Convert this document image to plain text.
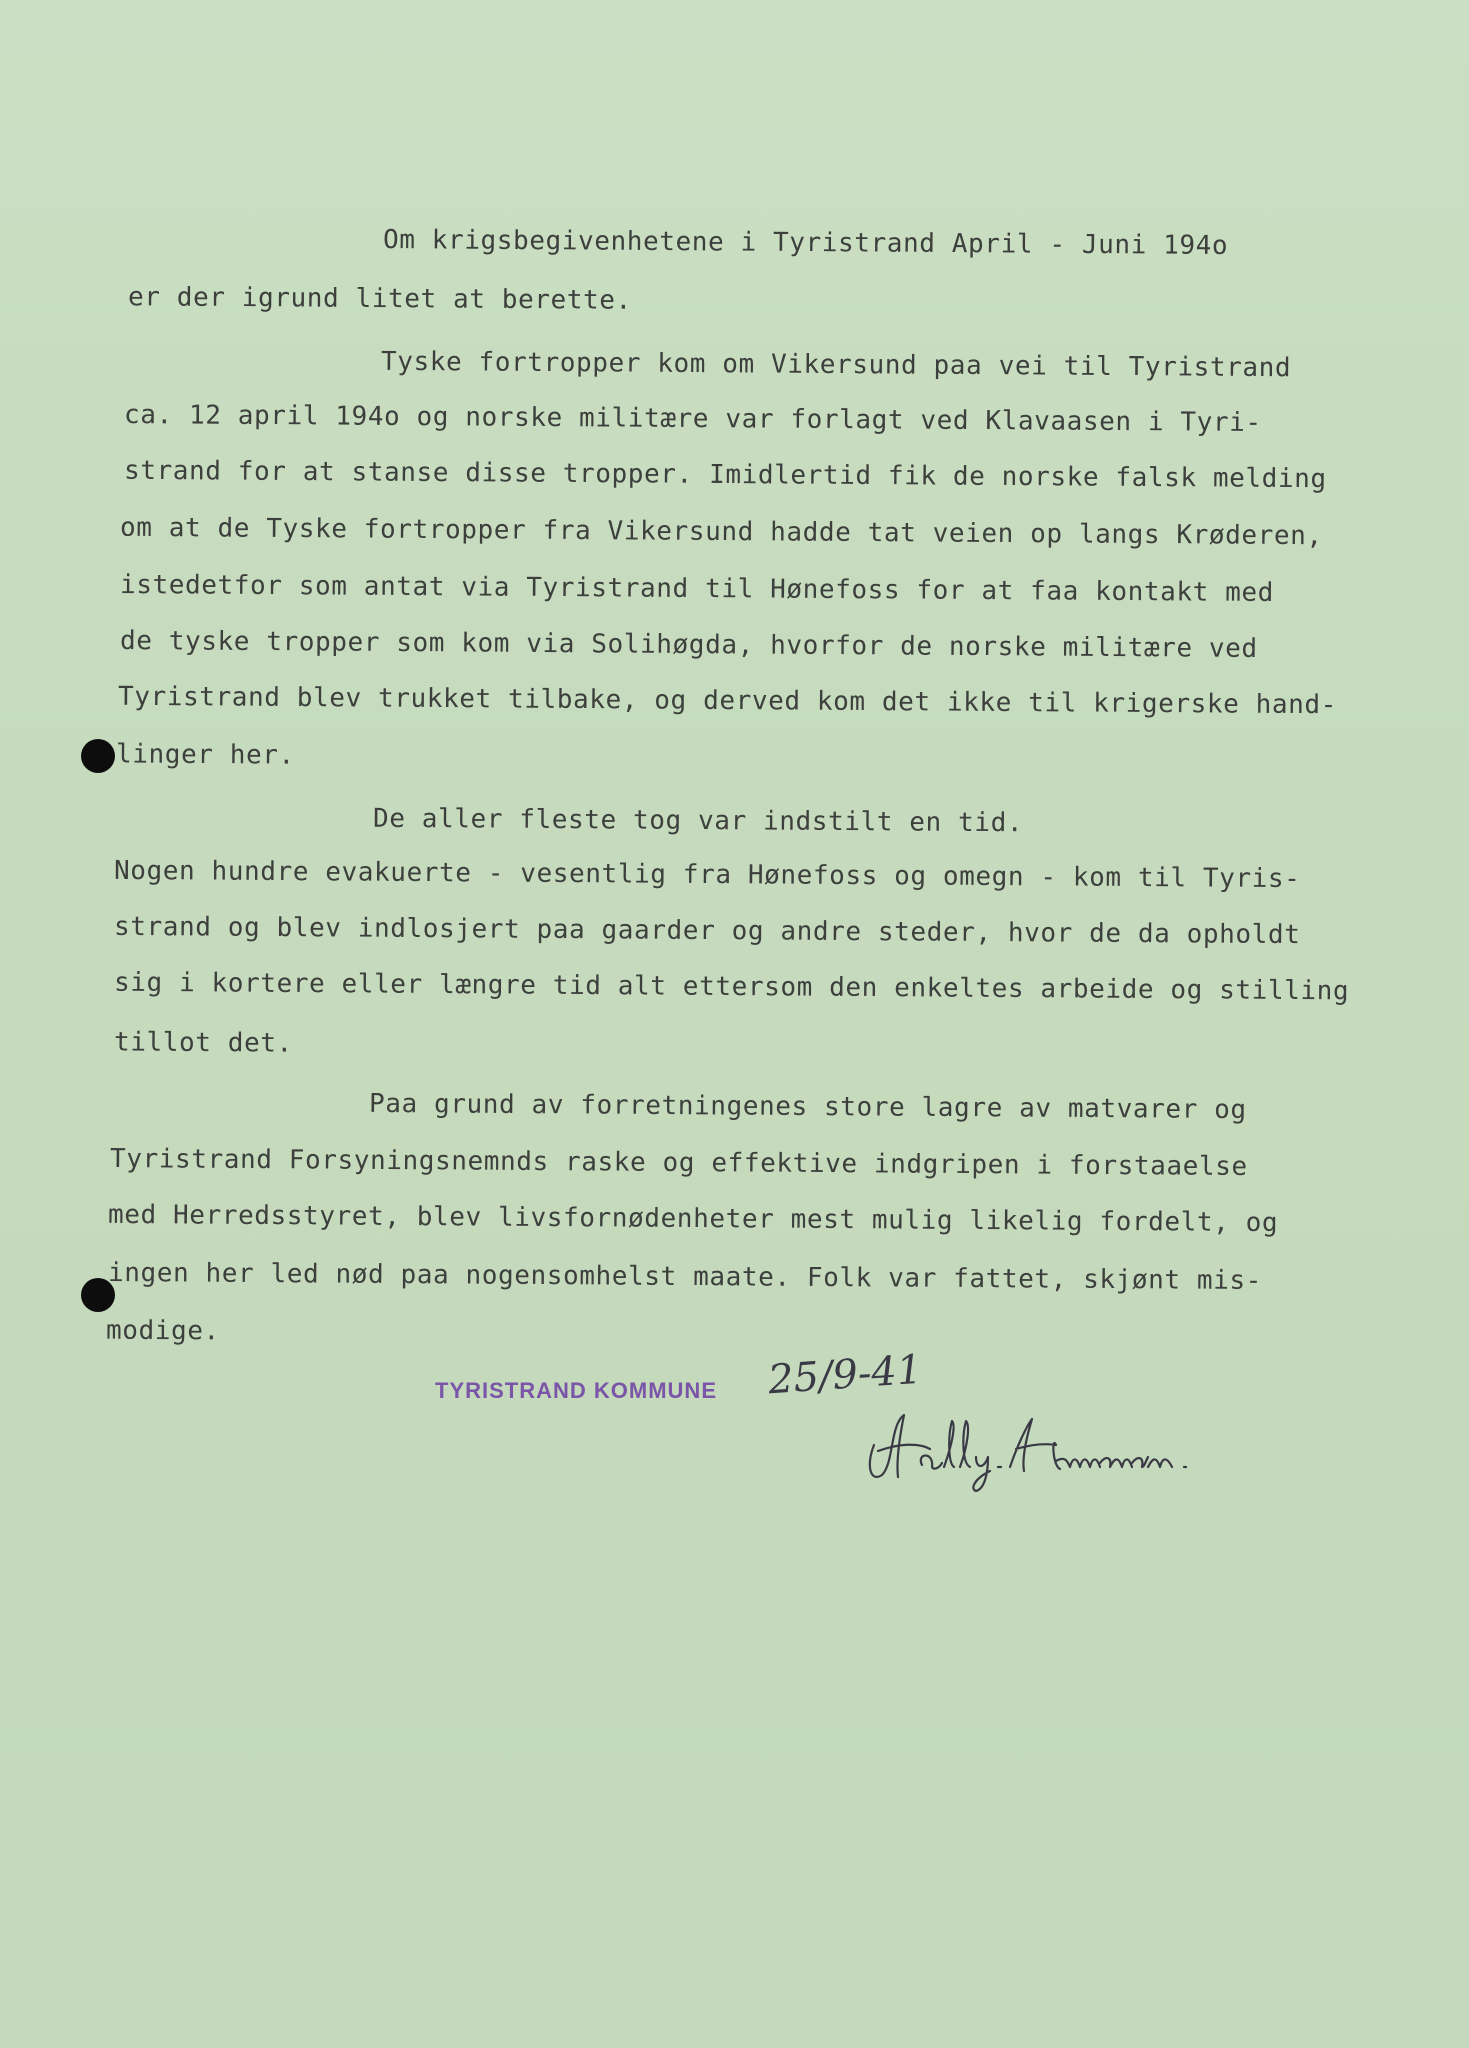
Om krigsbegivenhetene i Tyristrand April - Juni 194o
er der igrund litet at berette.
Tyske fortropper kom om Vikersund paa vei til Tyristrand
ca. 12 april 194o og norske militære var forlagt ved Klavaasen i Tyri-
strand for at stanse disse tropper. Imidlertid fik de norske falsk melding
om at de Tyske fortropper fra Vikersund hadde tat veien op langs Krøderen,
istedetfor som antat via Tyristrand til Hønefoss for at faa kontakt med
de tyske tropper som kom via Solihøgda, hvorfor de norske militære ved
Tyristrand blev trukket tilbake, og derved kom det ikke til krigerske hand-
linger her.
De aller fleste tog var indstilt en tid.
Nogen hundre evakuerte - vesentlig fra Hønefoss og omegn - kom til Tyris-
strand og blev indlosjert paa gaarder og andre steder, hvor de da opholdt
sig i kortere eller længre tid alt ettersom den enkeltes arbeide og stilling
tillot det.
Paa grund av forretningenes store lagre av matvarer og
Tyristrand Forsyningsnemnds raske og effektive indgripen i forstaaelse
med Herredsstyret, blev livsfornødenheter mest mulig likelig fordelt, og
ingen her led nød paa nogensomhelst maate. Folk var fattet, skjønt mis-
modige.
TYRISTRAND KOMMUNE 25/9-41
